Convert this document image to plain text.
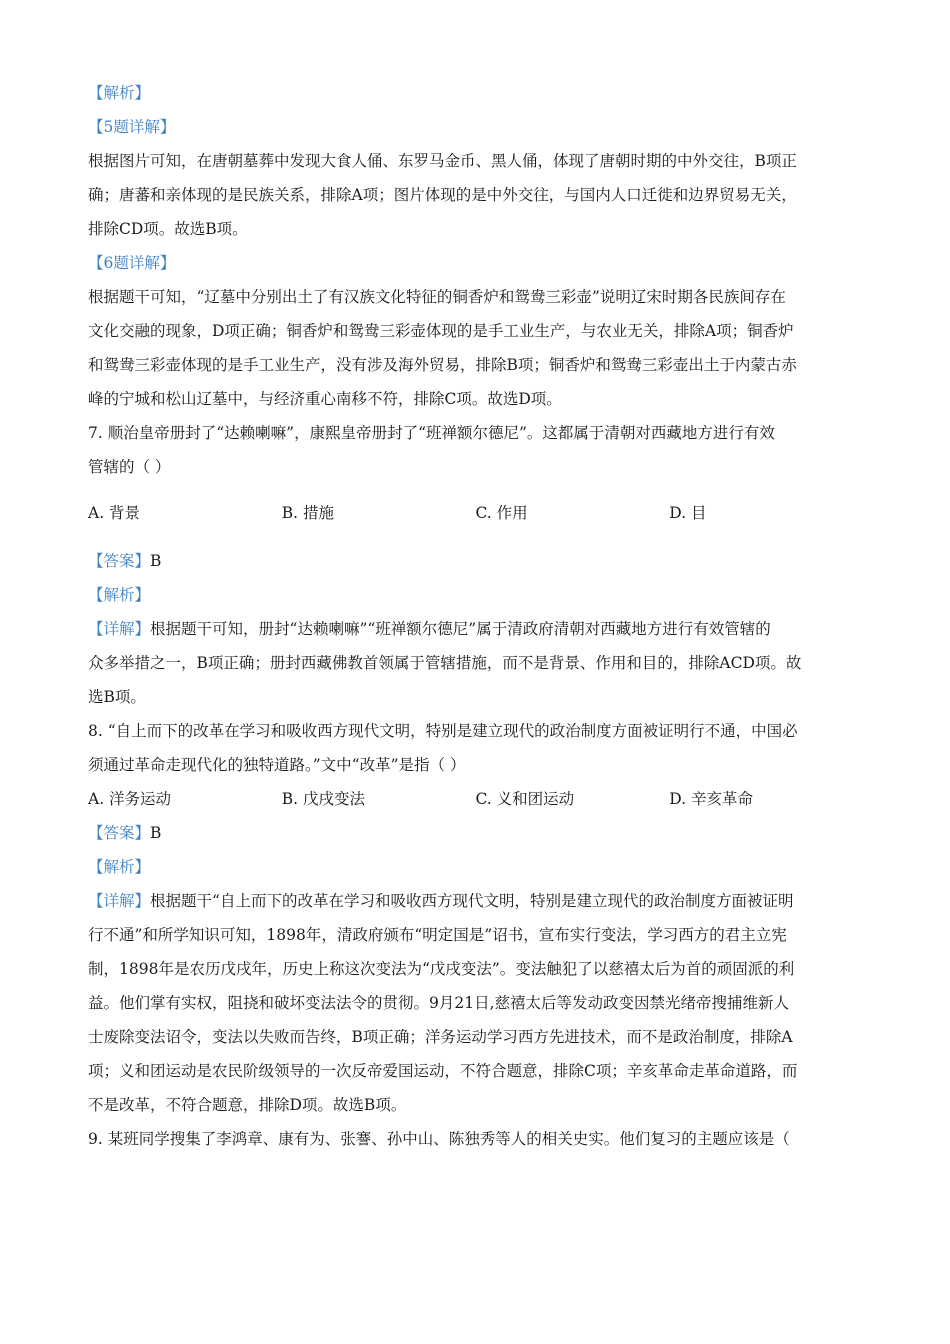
【解析】
【5题详解】
根据图片可知，在唐朝墓葬中发现大食人俑、东罗马金币、黑人俑，体现了唐朝时期的中外交往，B项正
确；唐蕃和亲体现的是民族关系，排除A项；图片体现的是中外交往，与国内人口迁徙和边界贸易无关，
排除CD项。故选B项。
【6题详解】
根据题干可知，“辽墓中分别出土了有汉族文化特征的铜香炉和鸳鸯三彩壶”说明辽宋时期各民族间存在
文化交融的现象，D项正确；铜香炉和鸳鸯三彩壶体现的是手工业生产，与农业无关，排除A项；铜香炉
和鸳鸯三彩壶体现的是手工业生产，没有涉及海外贸易，排除B项；铜香炉和鸳鸯三彩壶出土于内蒙古赤
峰的宁城和松山辽墓中，与经济重心南移不符，排除C项。故选D项。
7. 顺治皇帝册封了“达赖喇嘛”，康熙皇帝册封了“班禅额尔德尼”。这都属于清朝对西藏地方进行有效
管辖的（ ）
A. 背景	B. 措施	C. 作用	D. 目
【答案】B
【解析】
【详解】根据题干可知，册封“达赖喇嘛”“班禅额尔德尼”属于清政府清朝对西藏地方进行有效管辖的
众多举措之一，B项正确；册封西藏佛教首领属于管辖措施，而不是背景、作用和目的，排除ACD项。故
选B项。
8. “自上而下的改革在学习和吸收西方现代文明，特别是建立现代的政治制度方面被证明行不通，中国必
须通过革命走现代化的独特道路。”文中“改革”是指（ ）
A. 洋务运动	B. 戊戌变法	C. 义和团运动	D. 辛亥革命
【答案】B
【解析】
【详解】根据题干“自上而下的改革在学习和吸收西方现代文明，特别是建立现代的政治制度方面被证明
行不通”和所学知识可知，1898年，清政府颁布“明定国是”诏书，宣布实行变法，学习西方的君主立宪
制，1898年是农历戊戌年，历史上称这次变法为“戊戌变法”。变法触犯了以慈禧太后为首的顽固派的利
益。他们掌有实权，阻挠和破坏变法法令的贯彻。9月21日,慈禧太后等发动政变因禁光绪帝搜捕维新人
士废除变法诏令，变法以失败而告终，B项正确；洋务运动学习西方先进技术，而不是政治制度，排除A
项；义和团运动是农民阶级领导的一次反帝爱国运动，不符合题意，排除C项；辛亥革命走革命道路，而
不是改革，不符合题意，排除D项。故选B项。
9. 某班同学搜集了李鸿章、康有为、张謇、孙中山、陈独秀等人的相关史实。他们复习的主题应该是（
